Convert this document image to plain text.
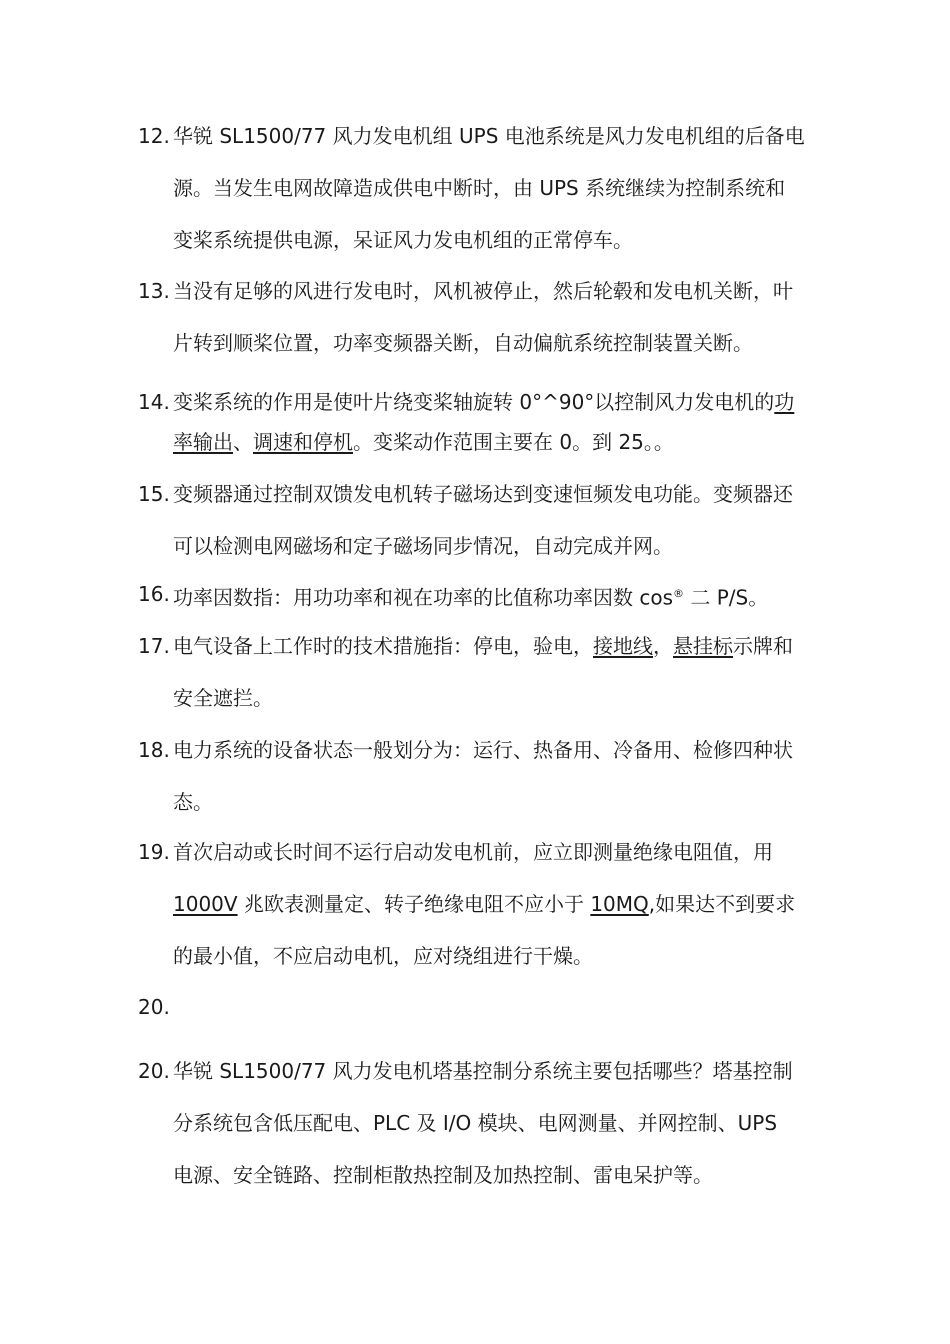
12. 华锐 SL1500/77 风力发电机组 UPS 电池系统是风力发电机组的后备电
源。当发生电网故障造成供电中断时，由 UPS 系统继续为控制系统和
变桨系统提供电源，呆证风力发电机组的正常停车。
13. 当没有足够的风进行发电时，风机被停止，然后轮毂和发电机关断，叶
片转到顺桨位置，功率变频器关断，自动偏航系统控制装置关断。
14. 变桨系统的作用是使叶片绕变桨轴旋转 0°^90°以控制风力发电机的功
率输出、调速和停机。变桨动作范围主要在 0。到 25。。
15. 变频器通过控制双馈发电机转子磁场达到变速恒频发电功能。变频器还
可以检测电网磁场和定子磁场同步情况，自动完成并网。
16. 功率因数指：用功功率和视在功率的比值称功率因数 cos® 二 P/S。
17. 电气设备上工作时的技术措施指：停电，验电，接地线，悬挂标示牌和
安全遮拦。
18. 电力系统的设备状态一般划分为：运行、热备用、冷备用、检修四种状
态。
19. 首次启动或长时间不运行启动发电机前，应立即测量绝缘电阻值，用
1000V 兆欧表测量定、转子绝缘电阻不应小于 10MQ,如果达不到要求
的最小值，不应启动电机，应对绕组进行干燥。
20.

20. 华锐 SL1500/77 风力发电机塔基控制分系统主要包括哪些？塔基控制
分系统包含低压配电、PLC 及 I/O 模块、电网测量、并网控制、UPS
电源、安全链路、控制柜散热控制及加热控制、雷电呆护等。
